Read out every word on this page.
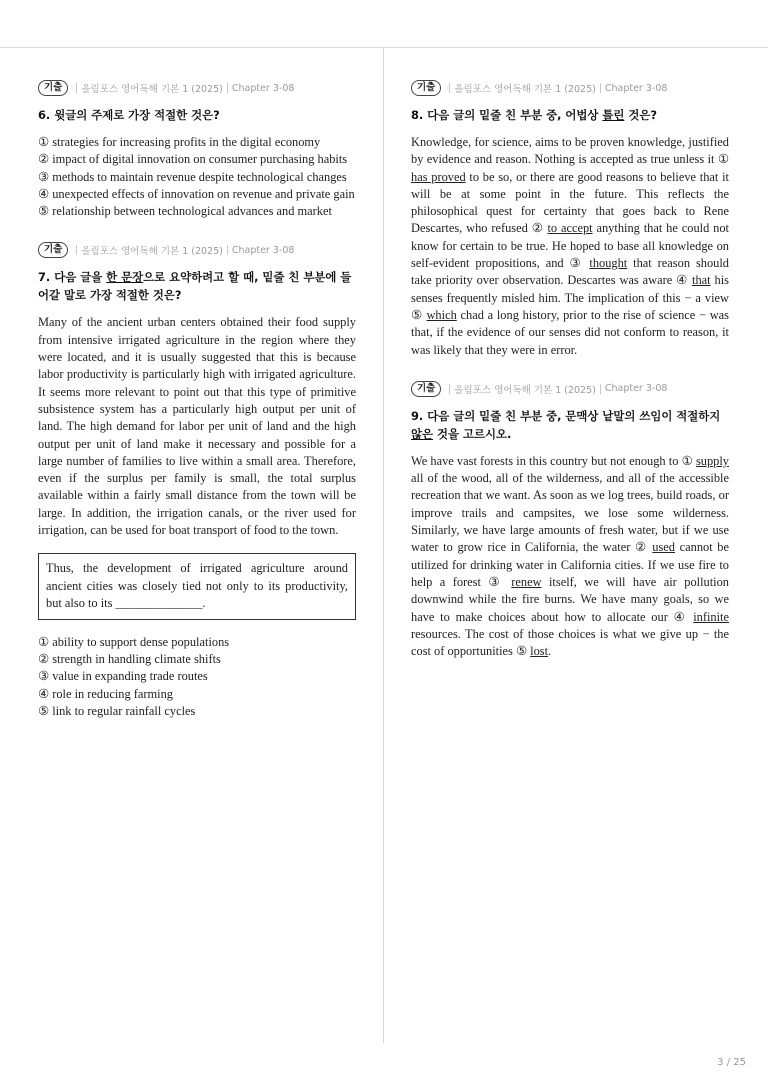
기출	올림포스 영어독해 기본 1 (2025) Chapter 3-08
6. 윗글의 주제로 가장 적절한 것은?

① strategies for increasing profits in the digital economy

② impact of digital innovation on consumer purchasing habits

③ methods to maintain revenue despite technological changes

④ unexpected effects of innovation on revenue and private gain

⑤ relationship between technological advances and market

기출	올림포스 영어독해 기본 1 (2025) Chapter 3-08
7. 다음 글을 한 문장으로 요약하려고 할 때, 밑줄 친 부분에 들어갈 말로 가장 적절한 것은?

Many of the ancient urban centers obtained their food supply from intensive irrigated agriculture in the region where they were located, and it is usually suggested that this is because labor productivity is particularly high with irrigated agriculture. It seems more relevant to point out that this type of primitive subsistence system has a particularly high output per unit of land. The high demand for labor per unit of land and the high output per unit of land make it necessary and possible for a large number of families to live within a small area. Therefore, even if the surplus per family is small, the total surplus available within a fairly small distance from the town will be large. In addition, the irrigation canals, or the river used for irrigation, can be used for boat transport of food to the town.

Thus, the development of irrigated agriculture around ancient cities was closely tied not only to its productivity, but also to its ______________.

① ability to support dense populations

② strength in handling climate shifts

③ value in expanding trade routes

④ role in reducing farming

⑤ link to regular rainfall cycles

기출	올림포스 영어독해 기본 1 (2025) Chapter 3-08
8. 다음 글의 밑줄 친 부분 중, 어법상 틀린 것은?

Knowledge, for science, aims to be proven knowledge, justified by evidence and reason. Nothing is accepted as true unless it ① has proved to be so, or there are good reasons to believe that it will be at some point in the future. This reflects the philosophical quest for certainty that goes back to Rene Descartes, who refused ② to accept anything that he could not know for certain to be true. He hoped to base all knowledge on self-evident propositions, and ③ thought that reason should take priority over observation. Descartes was aware ④ that his senses frequently misled him. The implication of this − a view ⑤ which chad a long history, prior to the rise of science − was that, if the evidence of our senses did not conform to reason, it was likely that they were in error.

기출	올림포스 영어독해 기본 1 (2025) Chapter 3-08
9. 다음 글의 밑줄 친 부분 중, 문맥상 낱말의 쓰임이 적절하지 않은 것을 고르시오.

We have vast forests in this country but not enough to ① supply all of the wood, all of the wilderness, and all of the accessible recreation that we want. As soon as we log trees, build roads, or improve trails and campsites, we lose some wilderness. Similarly, we have large amounts of fresh water, but if we use water to grow rice in California, the water ② used cannot be utilized for drinking water in California cities. If we use fire to help a forest ③ renew itself, we will have air pollution downwind while the fire burns. We have many goals, so we have to make choices about how to allocate our ④ infinite resources. The cost of those choices is what we give up − the cost of opportunities ⑤ lost.

3 / 25
